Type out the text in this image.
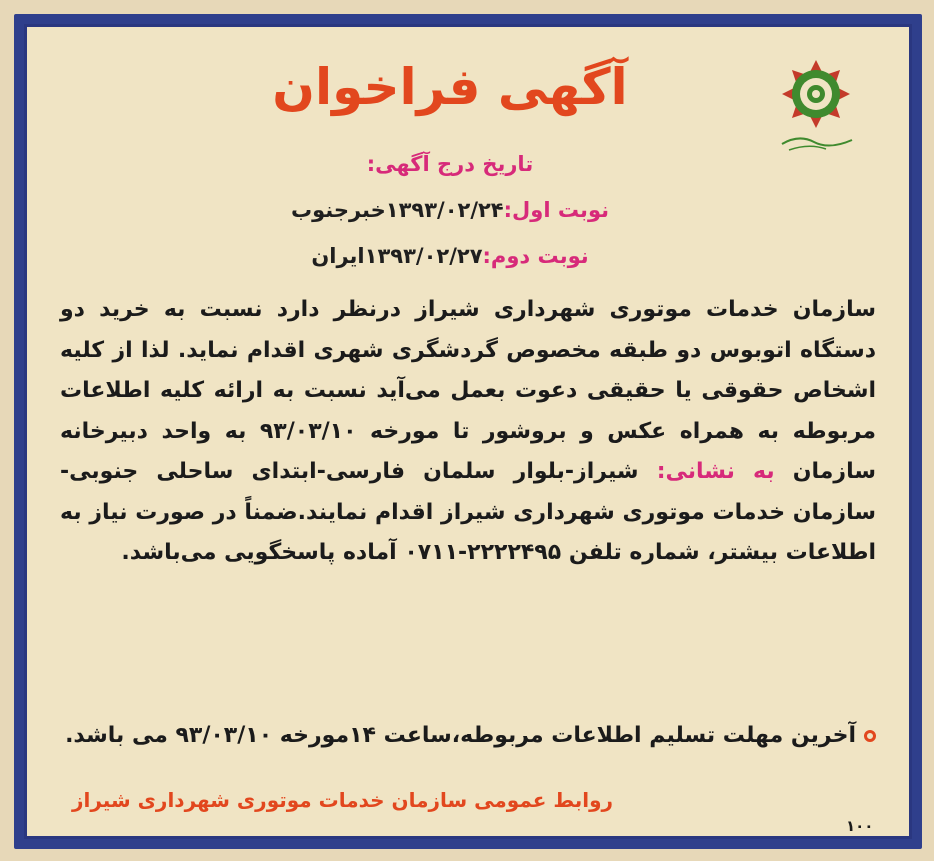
آگهی فراخوان
تاریخ درج آگهی:
نوبت اول:۱۳۹۳/۰۲/۲۴خبرجنوب
نوبت دوم:۱۳۹۳/۰۲/۲۷ایران
سازمان خدمات موتوری شهرداری شیراز درنظر دارد نسبت به خرید دو دستگاه اتوبوس دو طبقه مخصوص گردشگری شهری اقدام نماید. لذا از کلیه اشخاص حقوقی یا حقیقی دعوت بعمل می‌آید نسبت به ارائه کلیه اطلاعات مربوطه به همراه عکس و بروشور تا مورخه ۹۳/۰۳/۱۰ به واحد دبیرخانه سازمان به نشانی: شیراز-بلوار سلمان فارسی-ابتدای ساحلی جنوبی-سازمان خدمات موتوری شهرداری شیراز اقدام نمایند.ضمناً در صورت نیاز به اطلاعات بیشتر، شماره تلفن ۲۲۲۲۴۹۵-۰۷۱۱ آماده پاسخگویی می‌باشد.
آخرین مهلت تسلیم اطلاعات مربوطه،ساعت ۱۴مورخه ۹۳/۰۳/۱۰ می باشد.
روابط عمومی سازمان خدمات موتوری شهرداری شیراز
۱۰۰
